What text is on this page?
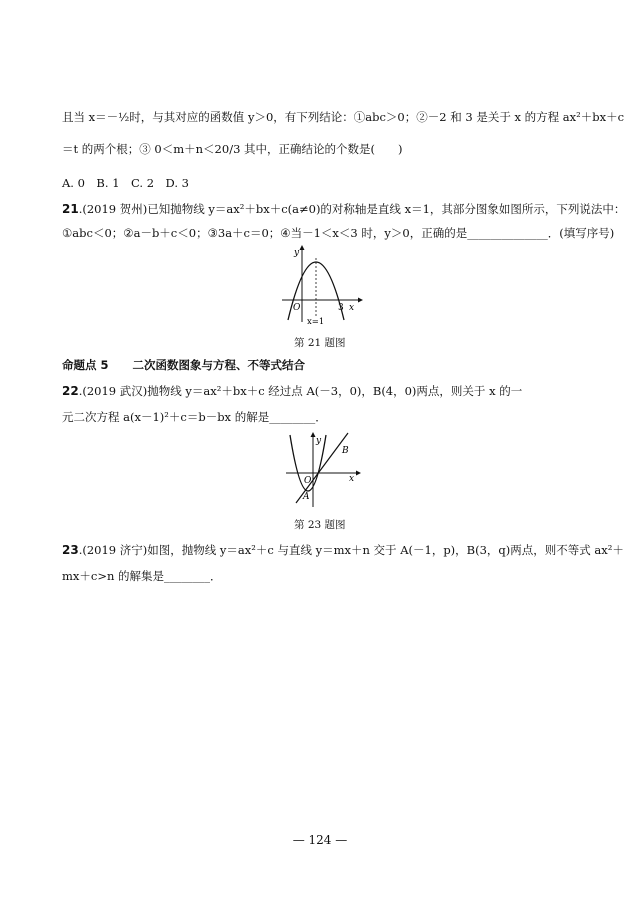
且当 x＝－½时，与其对应的函数值 y＞0，有下列结论：①abc＞0；②－2 和 3 是关于 x 的方程 ax²＋bx＋c
＝t 的两个根；③ 0＜m＋n＜20/3 其中，正确结论的个数是(　　)
A. 0　B. 1　C. 2　D. 3
21.(2019 贺州)已知抛物线 y＝ax²＋bx＋c(a≠0)的对称轴是直线 x＝1，其部分图象如图所示，下列说法中：
①abc＜0；②a－b＋c＜0；③3a＋c＝0；④当－1＜x＜3 时，y＞0，正确的是______________．(填写序号)
y
x
O	3
x=1
第 21 题图
命题点 5 二次函数图象与方程、不等式结合
22.(2019 武汉)抛物线 y＝ax²＋bx＋c 经过点 A(－3，0)，B(4，0)两点，则关于 x 的一
元二次方程 a(x－1)²＋c＝b－bx 的解是________．
y
x
O
A
B
第 23 题图
23.(2019 济宁)如图，抛物线 y＝ax²＋c 与直线 y＝mx＋n 交于 A(－1，p)，B(3，q)两点，则不等式 ax²＋
mx＋c>n 的解集是________．
— 124 —
